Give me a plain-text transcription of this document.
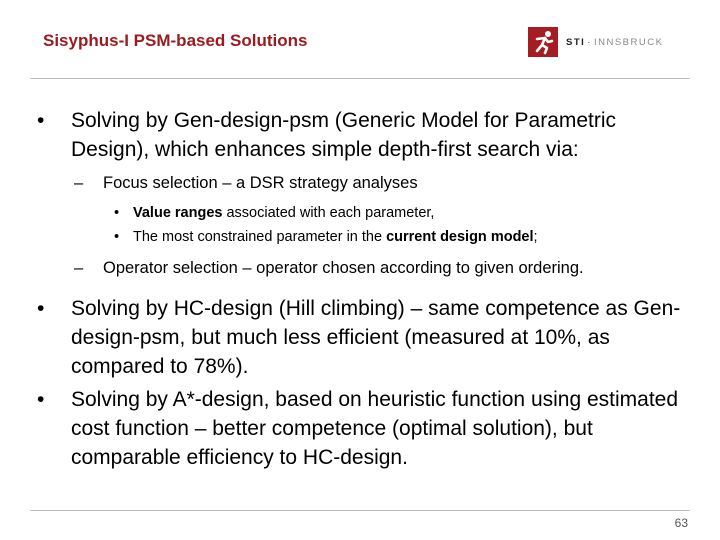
Sisyphus-I PSM-based Solutions	STI · INNSBRUCK
• Solving by Gen-design-psm (Generic Model for Parametric Design), which enhances simple depth-first search via:
– Focus selection – a DSR strategy analyses
• Value ranges associated with each parameter,
• The most constrained parameter in the current design model;
– Operator selection – operator chosen according to given ordering.
• Solving by HC-design (Hill climbing) – same competence as Gen-design-psm, but much less efficient (measured at 10%, as compared to 78%).
• Solving by A*-design, based on heuristic function using estimated cost function – better competence (optimal solution), but comparable efficiency to HC-design.
63
